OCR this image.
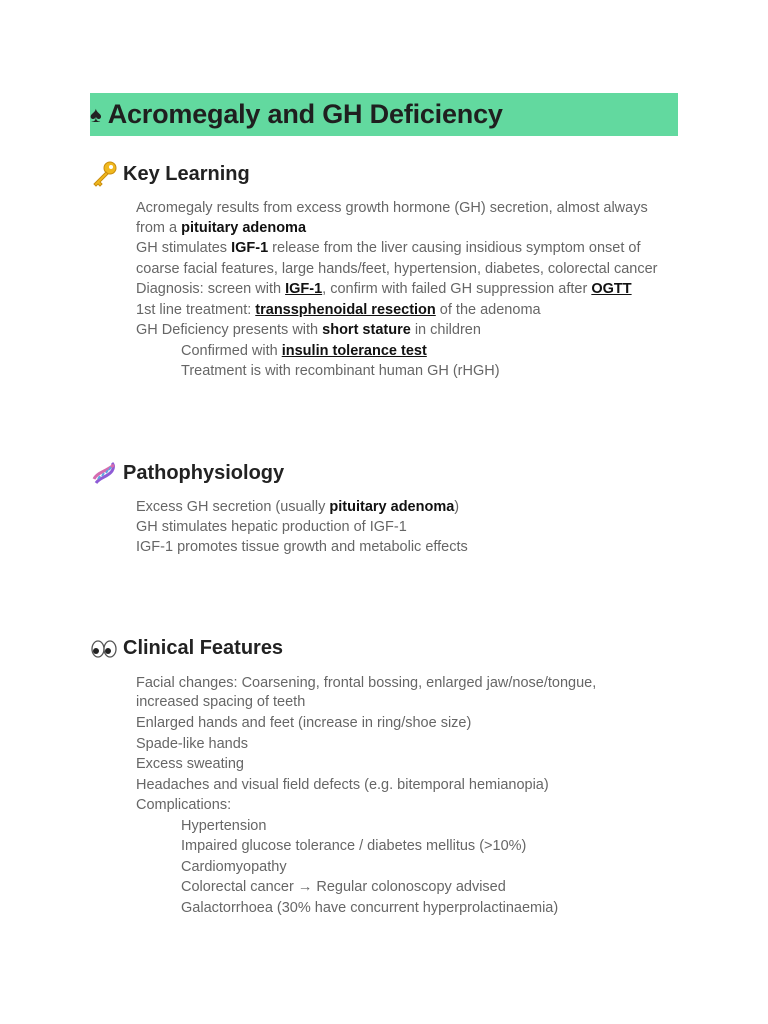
♠ Acromegaly and GH Deficiency
Key Learning
Acromegaly results from excess growth hormone (GH) secretion, almost always
from a pituitary adenoma
GH stimulates IGF-1 release from the liver causing insidious symptom onset of
coarse facial features, large hands/feet, hypertension, diabetes, colorectal cancer
Diagnosis: screen with IGF-1, confirm with failed GH suppression after OGTT
1st line treatment: transsphenoidal resection of the adenoma
GH Deficiency presents with short stature in children
Confirmed with insulin tolerance test
Treatment is with recombinant human GH (rHGH)
Pathophysiology
Excess GH secretion (usually pituitary adenoma)
GH stimulates hepatic production of IGF-1
IGF-1 promotes tissue growth and metabolic effects
Clinical Features
Facial changes: Coarsening, frontal bossing, enlarged jaw/nose/tongue,
increased spacing of teeth
Enlarged hands and feet (increase in ring/shoe size)
Spade-like hands
Excess sweating
Headaches and visual field defects (e.g. bitemporal hemianopia)
Complications:
Hypertension
Impaired glucose tolerance / diabetes mellitus (>10%)
Cardiomyopathy
Colorectal cancer → Regular colonoscopy advised
Galactorrhoea (30% have concurrent hyperprolactinaemia)
